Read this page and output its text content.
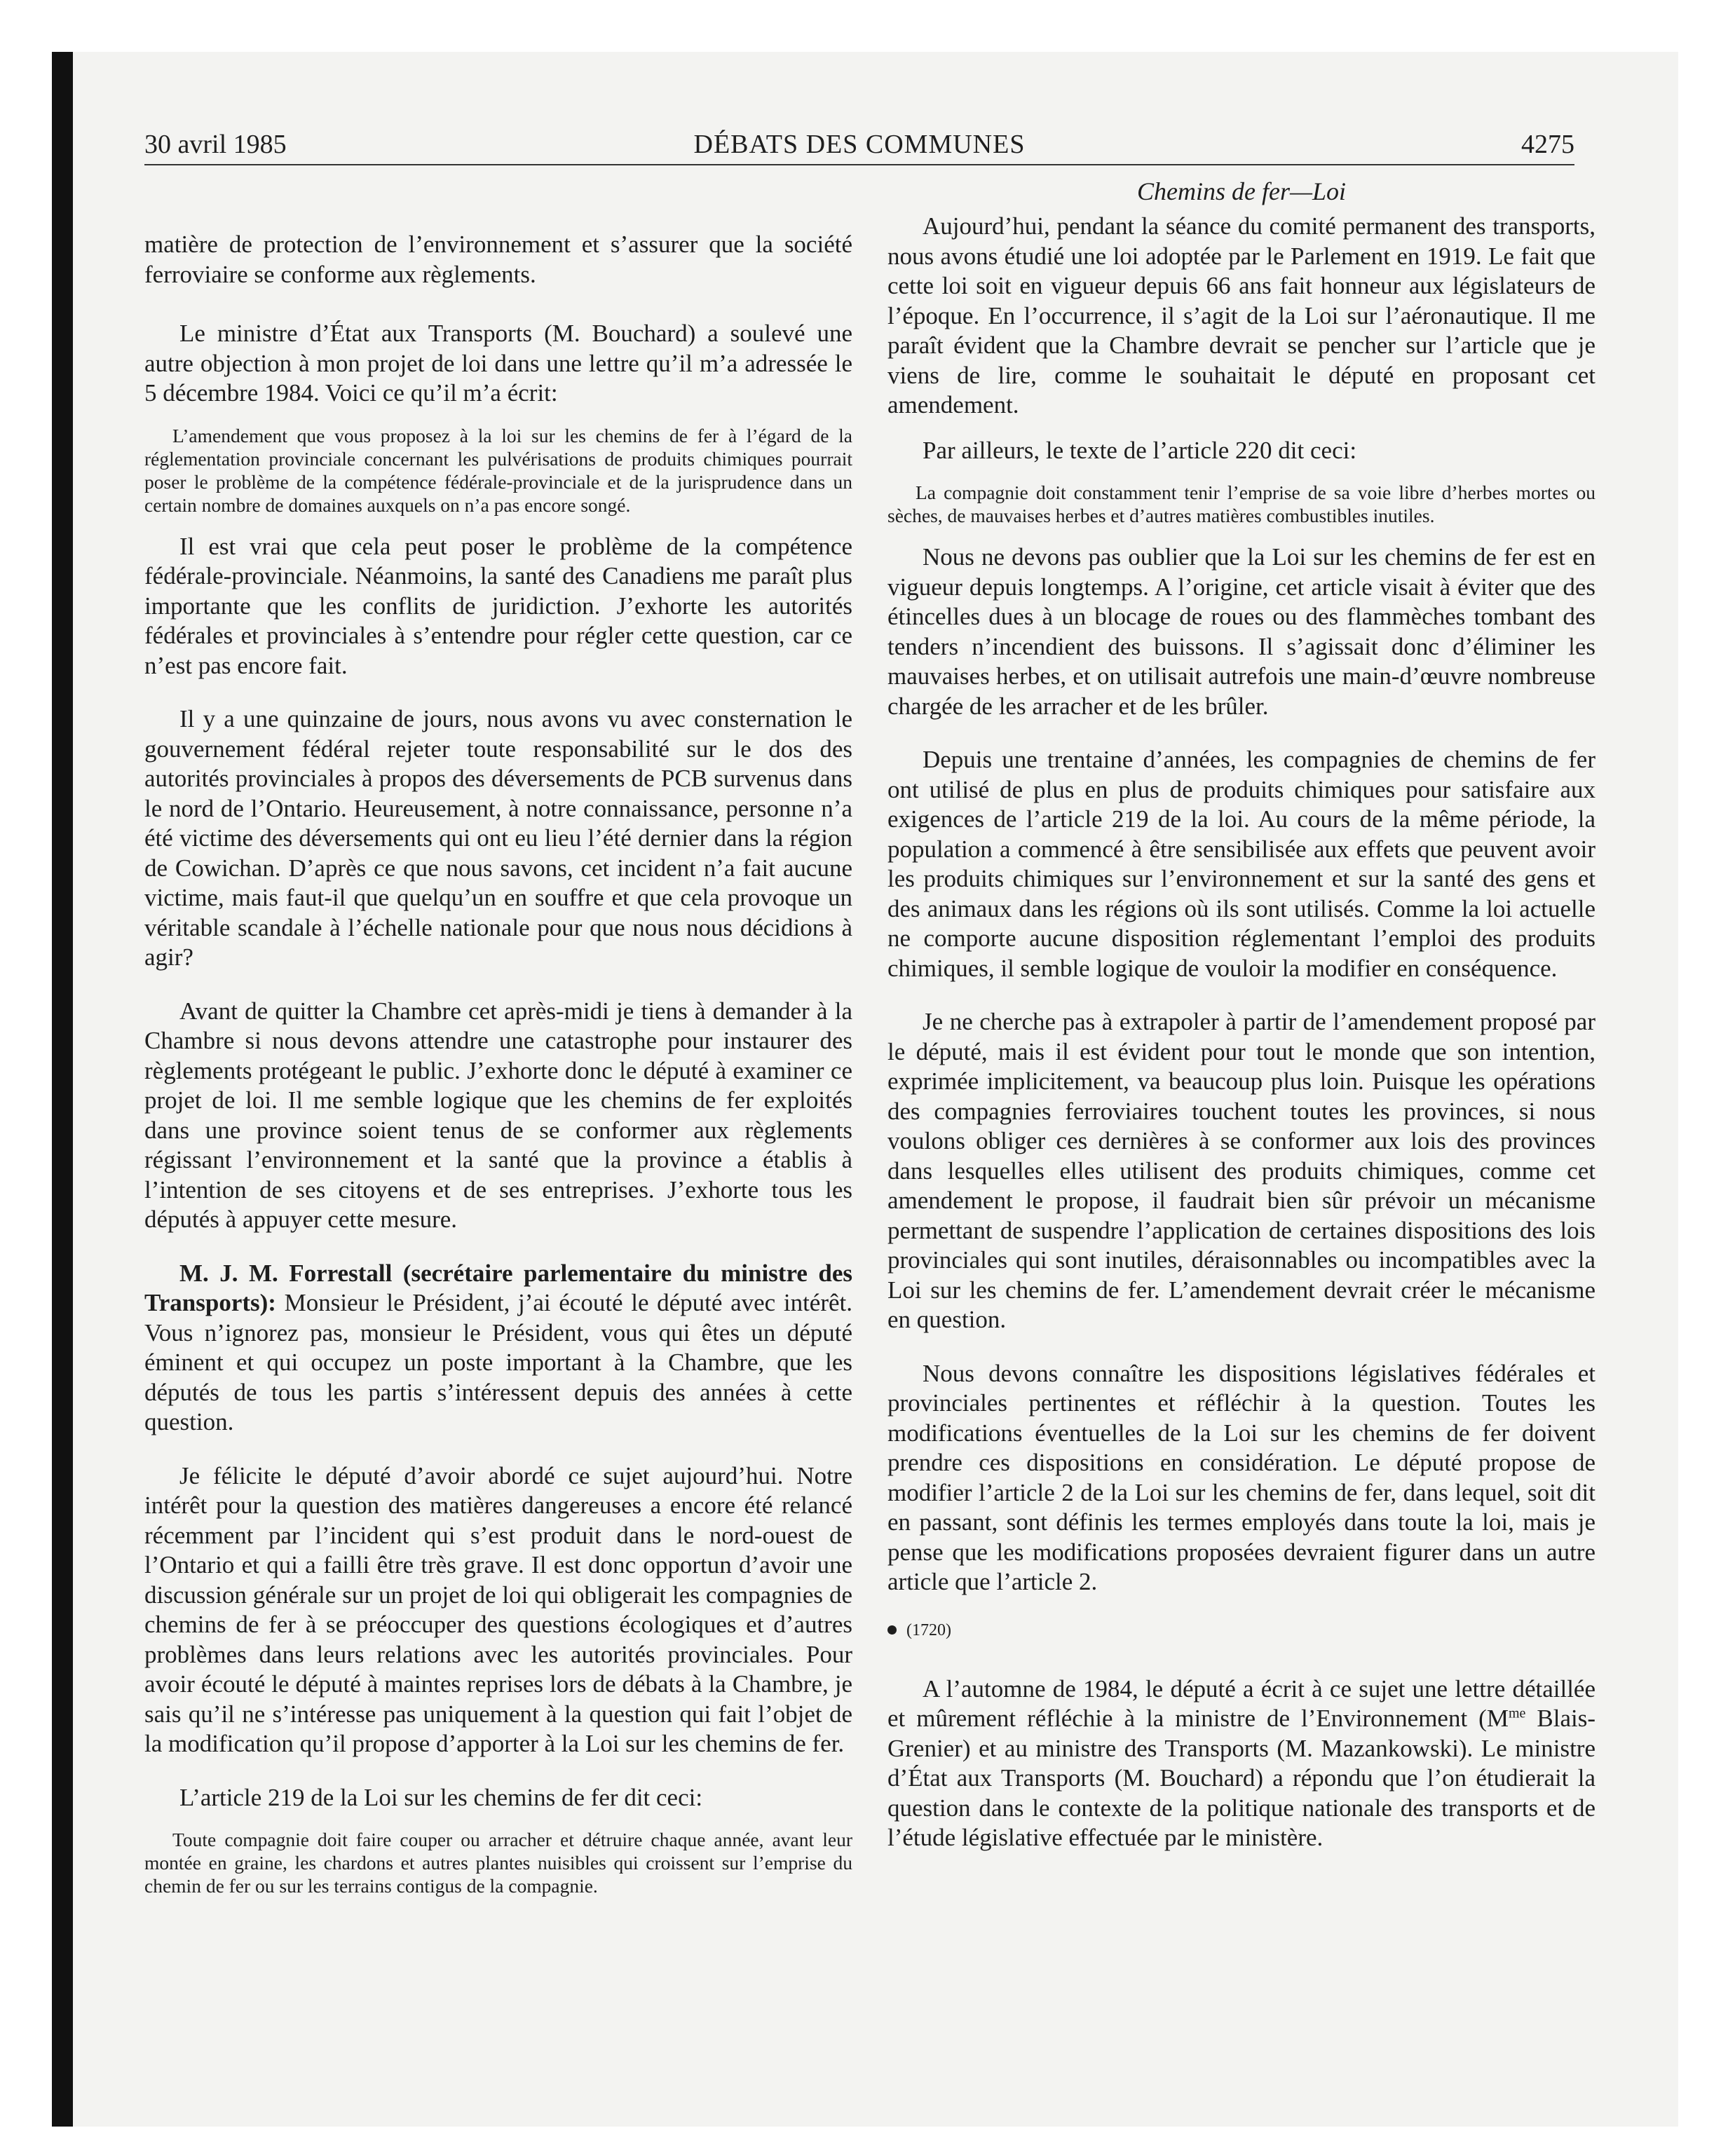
30 avril 1985	DÉBATS DES COMMUNES	4275

matière de protection de l’environnement et s’assurer que la société ferroviaire se conforme aux règlements.

Le ministre d’État aux Transports (M. Bouchard) a soulevé une autre objection à mon projet de loi dans une lettre qu’il m’a adressée le 5 décembre 1984. Voici ce qu’il m’a écrit:

L’amendement que vous proposez à la loi sur les chemins de fer à l’égard de la réglementation provinciale concernant les pulvérisations de produits chimiques pourrait poser le problème de la compétence fédérale-provinciale et de la jurisprudence dans un certain nombre de domaines auxquels on n’a pas encore songé.

Il est vrai que cela peut poser le problème de la compétence fédérale-provinciale. Néanmoins, la santé des Canadiens me paraît plus importante que les conflits de juridiction. J’exhorte les autorités fédérales et provinciales à s’entendre pour régler cette question, car ce n’est pas encore fait.

Il y a une quinzaine de jours, nous avons vu avec consternation le gouvernement fédéral rejeter toute responsabilité sur le dos des autorités provinciales à propos des déversements de PCB survenus dans le nord de l’Ontario. Heureusement, à notre connaissance, personne n’a été victime des déversements qui ont eu lieu l’été dernier dans la région de Cowichan. D’après ce que nous savons, cet incident n’a fait aucune victime, mais faut-il que quelqu’un en souffre et que cela provoque un véritable scandale à l’échelle nationale pour que nous nous décidions à agir?

Avant de quitter la Chambre cet après-midi je tiens à demander à la Chambre si nous devons attendre une catastrophe pour instaurer des règlements protégeant le public. J’exhorte donc le député à examiner ce projet de loi. Il me semble logique que les chemins de fer exploités dans une province soient tenus de se conformer aux règlements régissant l’environnement et la santé que la province a établis à l’intention de ses citoyens et de ses entreprises. J’exhorte tous les députés à appuyer cette mesure.

M. J. M. Forrestall (secrétaire parlementaire du ministre des Transports): Monsieur le Président, j’ai écouté le député avec intérêt. Vous n’ignorez pas, monsieur le Président, vous qui êtes un député éminent et qui occupez un poste important à la Chambre, que les députés de tous les partis s’intéressent depuis des années à cette question.

Je félicite le député d’avoir abordé ce sujet aujourd’hui. Notre intérêt pour la question des matières dangereuses a encore été relancé récemment par l’incident qui s’est produit dans le nord-ouest de l’Ontario et qui a failli être très grave. Il est donc opportun d’avoir une discussion générale sur un projet de loi qui obligerait les compagnies de chemins de fer à se préoccuper des questions écologiques et d’autres problèmes dans leurs relations avec les autorités provinciales. Pour avoir écouté le député à maintes reprises lors de débats à la Chambre, je sais qu’il ne s’intéresse pas uniquement à la question qui fait l’objet de la modification qu’il propose d’apporter à la Loi sur les chemins de fer.

L’article 219 de la Loi sur les chemins de fer dit ceci:

Toute compagnie doit faire couper ou arracher et détruire chaque année, avant leur montée en graine, les chardons et autres plantes nuisibles qui croissent sur l’emprise du chemin de fer ou sur les terrains contigus de la compagnie.
Chemins de fer—Loi

Aujourd’hui, pendant la séance du comité permanent des transports, nous avons étudié une loi adoptée par le Parlement en 1919. Le fait que cette loi soit en vigueur depuis 66 ans fait honneur aux législateurs de l’époque. En l’occurrence, il s’agit de la Loi sur l’aéronautique. Il me paraît évident que la Chambre devrait se pencher sur l’article que je viens de lire, comme le souhaitait le député en proposant cet amendement.

Par ailleurs, le texte de l’article 220 dit ceci:

La compagnie doit constamment tenir l’emprise de sa voie libre d’herbes mortes ou sèches, de mauvaises herbes et d’autres matières combustibles inutiles.

Nous ne devons pas oublier que la Loi sur les chemins de fer est en vigueur depuis longtemps. A l’origine, cet article visait à éviter que des étincelles dues à un blocage de roues ou des flammèches tombant des tenders n’incendient des buissons. Il s’agissait donc d’éliminer les mauvaises herbes, et on utilisait autrefois une main-d’œuvre nombreuse chargée de les arracher et de les brûler.

Depuis une trentaine d’années, les compagnies de chemins de fer ont utilisé de plus en plus de produits chimiques pour satisfaire aux exigences de l’article 219 de la loi. Au cours de la même période, la population a commencé à être sensibilisée aux effets que peuvent avoir les produits chimiques sur l’environnement et sur la santé des gens et des animaux dans les régions où ils sont utilisés. Comme la loi actuelle ne comporte aucune disposition réglementant l’emploi des produits chimiques, il semble logique de vouloir la modifier en conséquence.

Je ne cherche pas à extrapoler à partir de l’amendement proposé par le député, mais il est évident pour tout le monde que son intention, exprimée implicitement, va beaucoup plus loin. Puisque les opérations des compagnies ferroviaires touchent toutes les provinces, si nous voulons obliger ces dernières à se conformer aux lois des provinces dans lesquelles elles utilisent des produits chimiques, comme cet amendement le propose, il faudrait bien sûr prévoir un mécanisme permettant de suspendre l’application de certaines dispositions des lois provinciales qui sont inutiles, déraisonnables ou incompatibles avec la Loi sur les chemins de fer. L’amendement devrait créer le mécanisme en question.

Nous devons connaître les dispositions législatives fédérales et provinciales pertinentes et réfléchir à la question. Toutes les modifications éventuelles de la Loi sur les chemins de fer doivent prendre ces dispositions en considération. Le député propose de modifier l’article 2 de la Loi sur les chemins de fer, dans lequel, soit dit en passant, sont définis les termes employés dans toute la loi, mais je pense que les modifications proposées devraient figurer dans un autre article que l’article 2.

(1720)

A l’automne de 1984, le député a écrit à ce sujet une lettre détaillée et mûrement réfléchie à la ministre de l’Environnement ($M^{me}$ Blais-Grenier) et au ministre des Transports (M. Mazankowski). Le ministre d’État aux Transports (M. Bouchard) a répondu que l’on étudierait la question dans le contexte de la politique nationale des transports et de l’étude législative effectuée par le ministère.
